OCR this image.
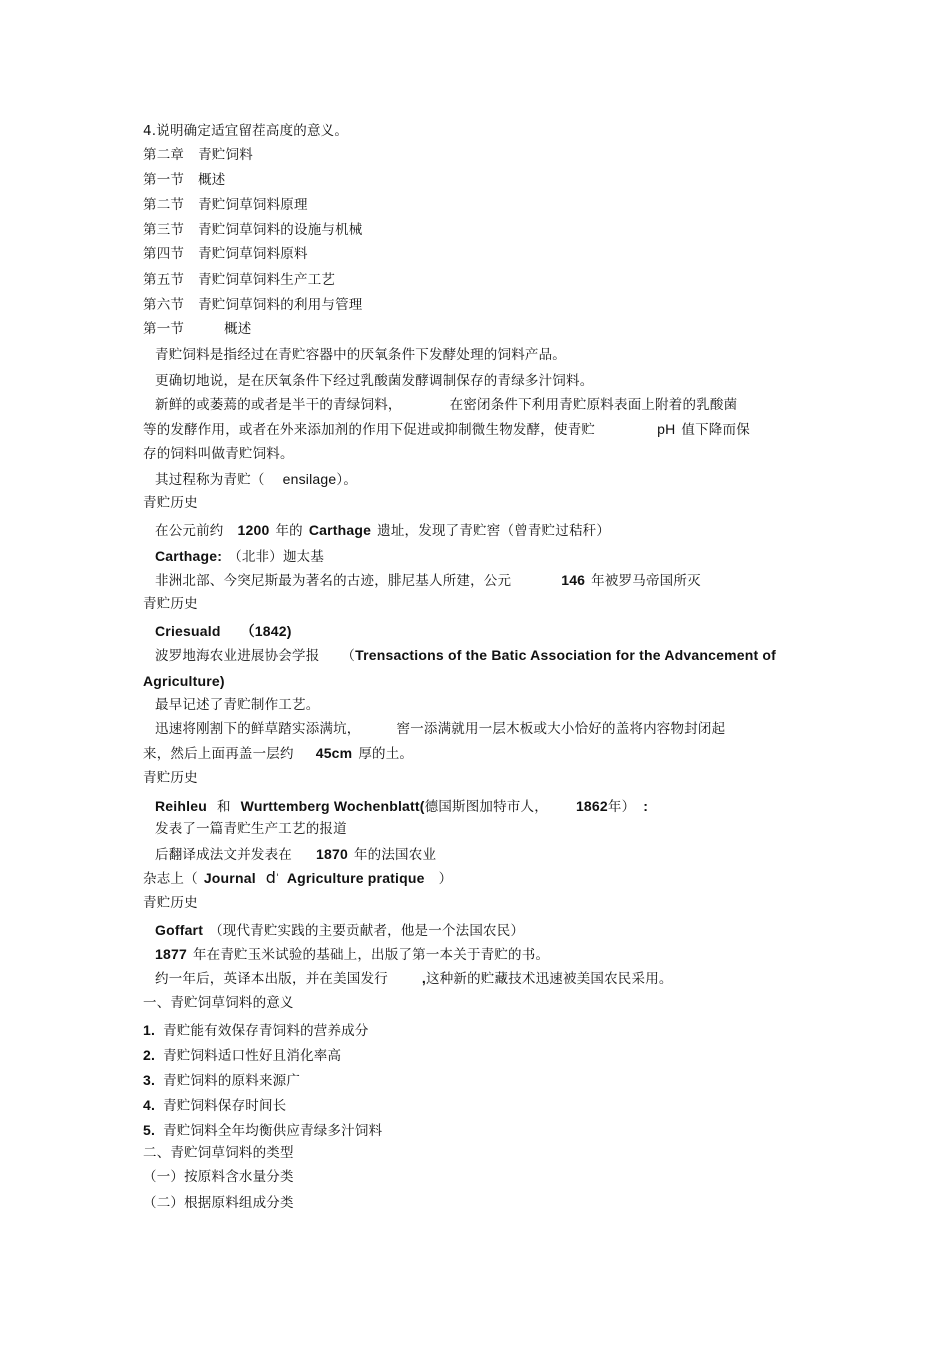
4.说明确定适宜留茬高度的意义。
第二章 青贮饲料
第一节 概述
第二节 青贮饲草饲料原理
第三节 青贮饲草饲料的设施与机械
第四节 青贮饲草饲料原料
第五节 青贮饲草饲料生产工艺
第六节 青贮饲草饲料的利用与管理
第一节	概述
青贮饲料是指经过在青贮容器中的厌氧条件下发酵处理的饲料产品。
更确切地说，是在厌氧条件下经过乳酸菌发酵调制保存的青绿多汁饲料。
新鲜的或萎蔫的或者是半干的青绿饲料，	在密闭条件下利用青贮原料表面上附着的乳酸菌
等的发酵作用，或者在外来添加剂的作用下促进或抑制微生物发酵，使青贮	pH 值下降而保
存的饲料叫做青贮饲料。
其过程称为青贮（ ensilage）。
青贮历史
在公元前约 1200 年的 Carthage 遗址，发现了青贮窖（曾青贮过秸秆）
Carthage: （北非）迦太基
非洲北部、今突尼斯最为著名的古迹，腓尼基人所建，公元	146 年被罗马帝国所灭
青贮历史
Criesuald （1842)
波罗地海农业进展协会学报 （Trensactions of the Batic Association for the Advancement of
Agriculture)
最早记述了青贮制作工艺。
迅速将刚割下的鲜草踏实添满坑，	窖一添满就用一层木板或大小恰好的盖将内容物封闭起
来，然后上面再盖一层约 45cm 厚的土。
青贮历史
Reihleu 和 Wurttemberg Wochenblatt(德国斯图加特市人， 1862年） :
发表了一篇青贮生产工艺的报道
后翻译成法文并发表在 1870 年的法国农业
杂志上（ Journal d' Agriculture pratique ）
青贮历史
Goffart （现代青贮实践的主要贡献者，他是一个法国农民）
1877 年在青贮玉米试验的基础上，出版了第一本关于青贮的书。
约一年后，英译本出版，并在美国发行 ,这种新的贮藏技术迅速被美国农民采用。
一、青贮饲草饲料的意义
1. 青贮能有效保存青饲料的营养成分
2. 青贮饲料适口性好且消化率高
3. 青贮饲料的原料来源广
4. 青贮饲料保存时间长
5. 青贮饲料全年均衡供应青绿多汁饲料
二、青贮饲草饲料的类型
（一）按原料含水量分类
（二）根据原料组成分类
